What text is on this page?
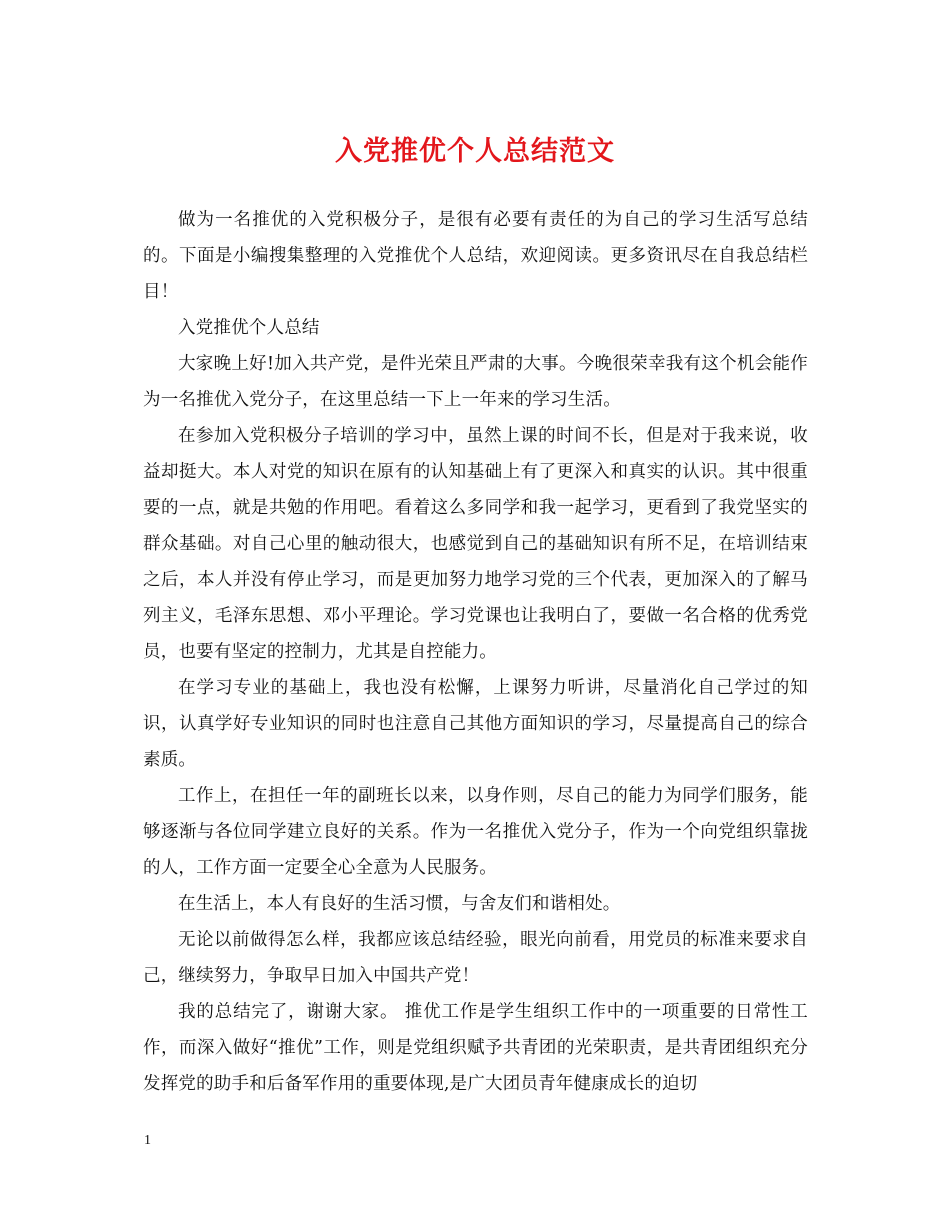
入党推优个人总结范文

做为一名推优的入党积极分子，是很有必要有责任的为自己的学习生活写总结的。下面是小编搜集整理的入党推优个人总结，欢迎阅读。更多资讯尽在自我总结栏目！

入党推优个人总结

大家晚上好!加入共产党，是件光荣且严肃的大事。今晚很荣幸我有这个机会能作为一名推优入党分子，在这里总结一下上一年来的学习生活。

在参加入党积极分子培训的学习中，虽然上课的时间不长，但是对于我来说，收益却挺大。本人对党的知识在原有的认知基础上有了更深入和真实的认识。其中很重要的一点，就是共勉的作用吧。看着这么多同学和我一起学习，更看到了我党坚实的群众基础。对自己心里的触动很大，也感觉到自己的基础知识有所不足，在培训结束之后，本人并没有停止学习，而是更加努力地学习党的三个代表，更加深入的了解马列主义，毛泽东思想、邓小平理论。学习党课也让我明白了，要做一名合格的优秀党员，也要有坚定的控制力，尤其是自控能力。

在学习专业的基础上，我也没有松懈，上课努力听讲，尽量消化自己学过的知识，认真学好专业知识的同时也注意自己其他方面知识的学习，尽量提高自己的综合素质。

工作上，在担任一年的副班长以来，以身作则，尽自己的能力为同学们服务，能够逐渐与各位同学建立良好的关系。作为一名推优入党分子，作为一个向党组织靠拢的人，工作方面一定要全心全意为人民服务。

在生活上，本人有良好的生活习惯，与舍友们和谐相处。

无论以前做得怎么样，我都应该总结经验，眼光向前看，用党员的标准来要求自己，继续努力，争取早日加入中国共产党！

我的总结完了，谢谢大家。 推优工作是学生组织工作中的一项重要的日常性工作，而深入做好“推优”工作，则是党组织赋予共青团的光荣职责，是共青团组织充分发挥党的助手和后备军作用的重要体现,是广大团员青年健康成长的迫切

1
